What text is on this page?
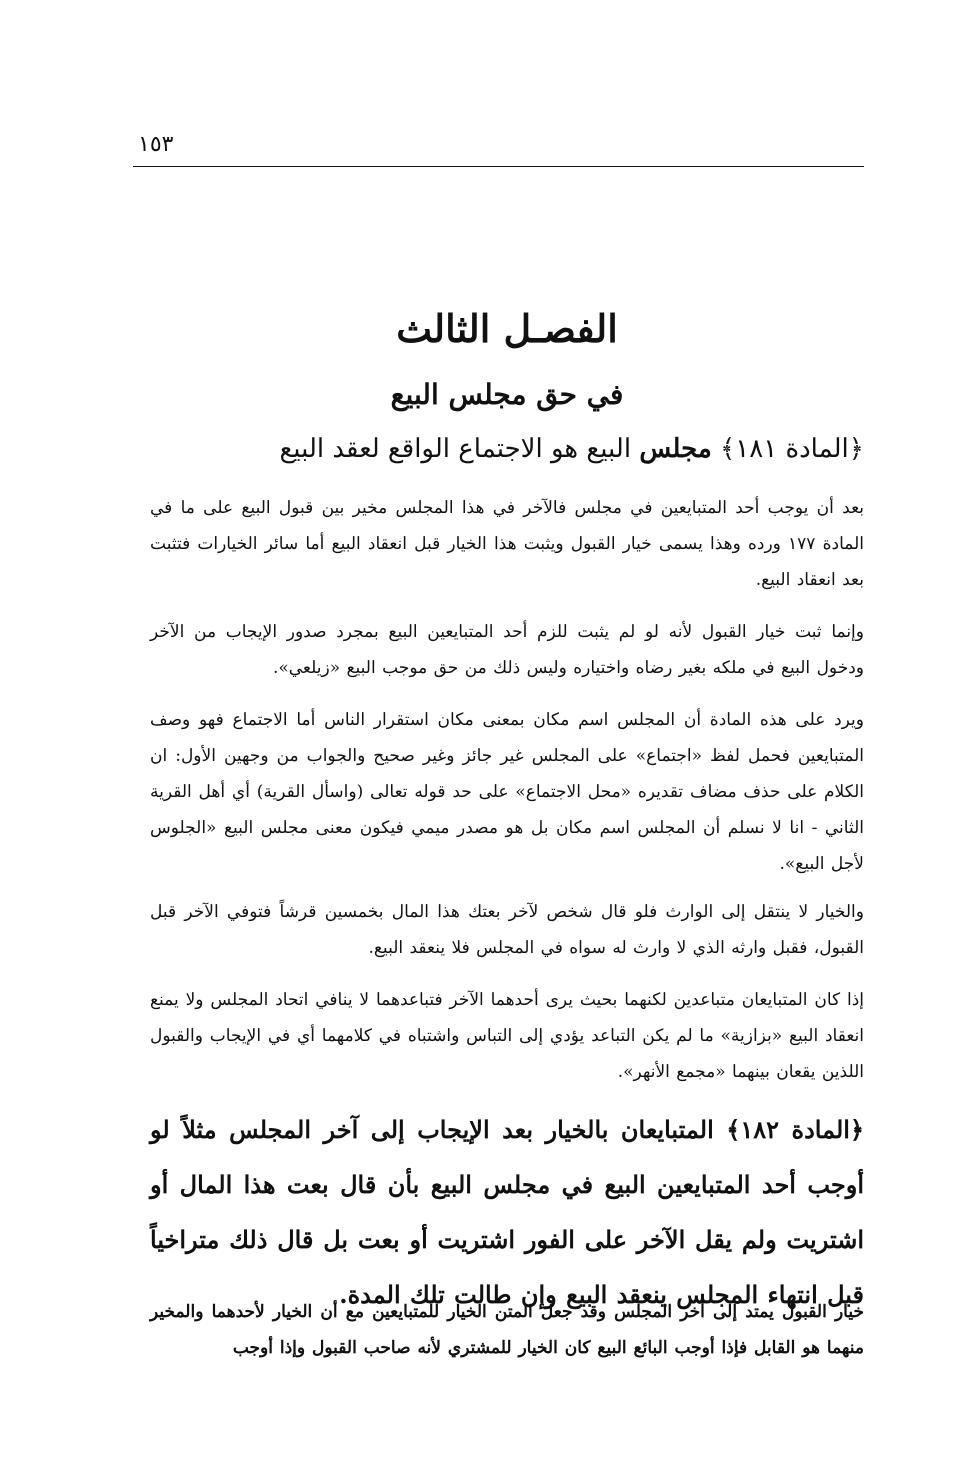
١٥٣
الفصـل الثالث
في حق مجلس البيع
﴿المادة ١٨١﴾ مجلس البيع هو الاجتماع الواقع لعقد البيع
بعد أن يوجب أحد المتبايعين في مجلس فالآخر في هذا المجلس مخير بين قبول البيع على ما في المادة ١٧٧ ورده وهذا يسمى خيار القبول ويثبت هذا الخيار قبل انعقاد البيع أما سائر الخيارات فتثبت بعد انعقاد البيع.
وإنما ثبت خيار القبول لأنه لو لم يثبت للزم أحد المتبايعين البيع بمجرد صدور الإيجاب من الآخر ودخول البيع في ملكه بغير رضاه واختياره وليس ذلك من حق موجب البيع «زيلعي».
ويرد على هذه المادة أن المجلس اسم مكان بمعنى مكان استقرار الناس أما الاجتماع فهو وصف المتبايعين فحمل لفظ «اجتماع» على المجلس غير جائز وغير صحيح والجواب من وجهين الأول: ان الكلام على حذف مضاف تقديره «محل الاجتماع» على حد قوله تعالى (واسأل القرية) أي أهل القرية الثاني - انا لا نسلم أن المجلس اسم مكان بل هو مصدر ميمي فيكون معنى مجلس البيع «الجلوس لأجل البيع».
والخيار لا ينتقل إلى الوارث فلو قال شخص لآخر بعتك هذا المال بخمسين قرشاً فتوفي الآخر قبل القبول، فقبل وارثه الذي لا وارث له سواه في المجلس فلا ينعقد البيع.
إذا كان المتبايعان متباعدين لكنهما بحيث يرى أحدهما الآخر فتباعدهما لا ينافي اتحاد المجلس ولا يمنع انعقاد البيع «بزازية» ما لم يكن التباعد يؤدي إلى التباس واشتباه في كلامهما أي في الإيجاب والقبول اللذين يقعان بينهما «مجمع الأنهر».
﴿المادة ١٨٢﴾ المتبايعان بالخيار بعد الإيجاب إلى آخر المجلس مثلاً لو أوجب أحد المتبايعين البيع في مجلس البيع بأن قال بعت هذا المال أو اشتريت ولم يقل الآخر على الفور اشتريت أو بعت بل قال ذلك متراخياً قبل انتهاء المجلس ينعقد البيع وإن طالت تلك المدة.
خيار القبول يمتد إلى آخر المجلس وقد جعل المتن الخيار للمتبايعين مع أن الخيار لأحدهما والمخير منهما هو القابل فإذا أوجب البائع البيع كان الخيار للمشتري لأنه صاحب القبول وإذا أوجب
